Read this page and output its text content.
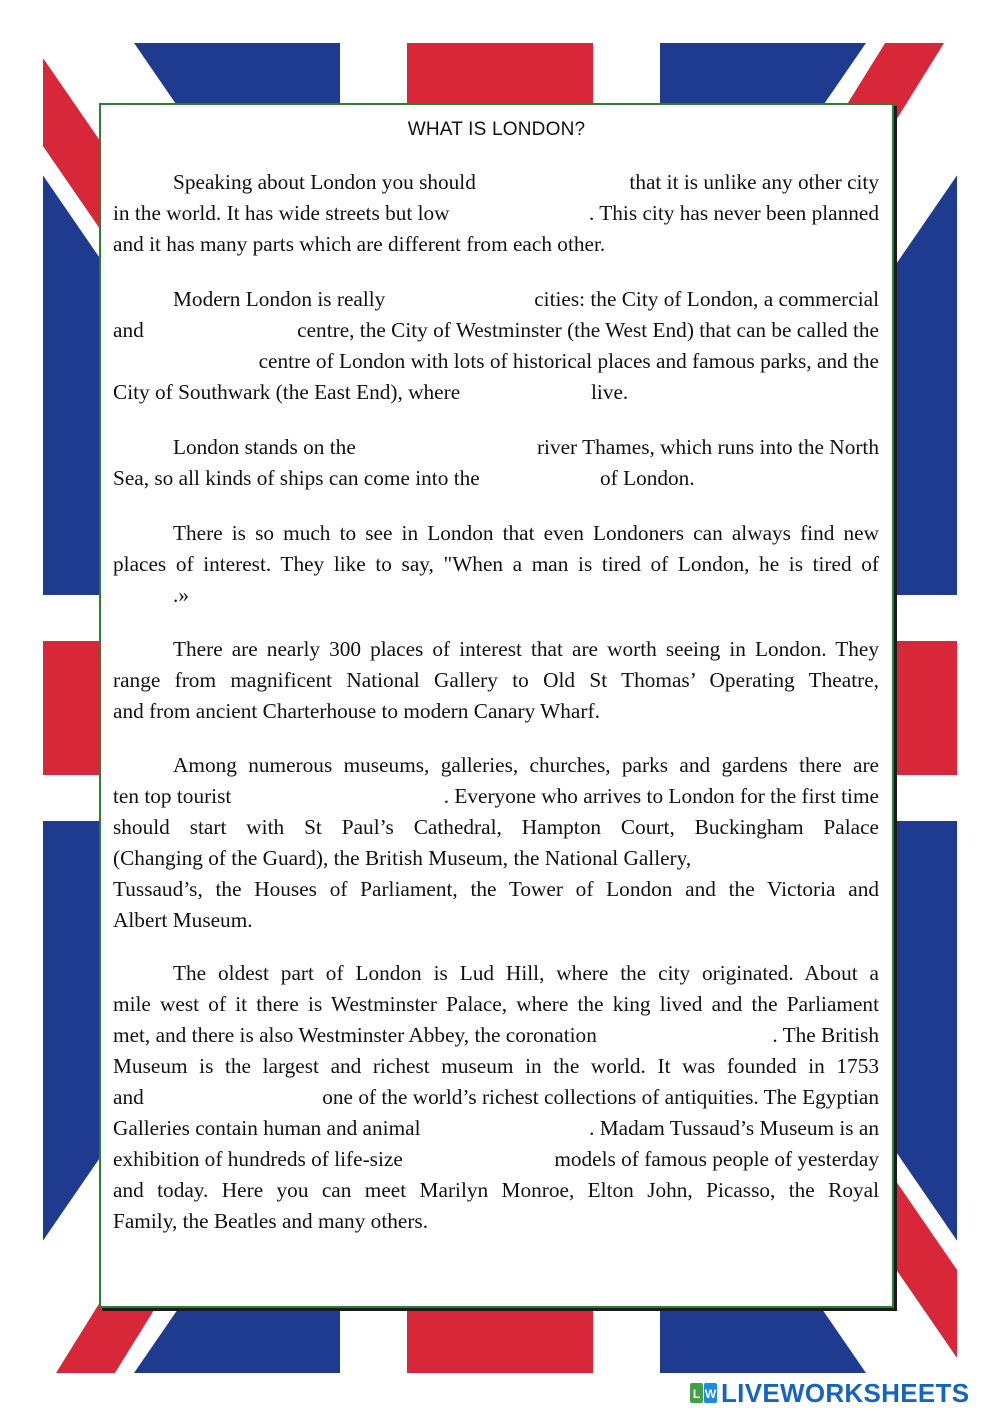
WHAT IS LONDON?
Speaking about London you should	that it is unlike any other city
in the world. It has wide streets but low	. This city has never been planned
and it has many parts which are different from each other.
Modern London is really	cities: the City of London, a commercial
and	centre, the City of Westminster (the West End) that can be called the
centre of London with lots of historical places and famous parks, and the
City of Southwark (the East End), where	live.
London stands on the	river Thames, which runs into the North
Sea, so all kinds of ships can come into the	of London.
There is so much to see in London that even Londoners can always find new
places of interest. They like to say, "When a man is tired of London, he is tired of
.»
There are nearly 300 places of interest that are worth seeing in London. They
range from magnificent National Gallery to Old St Thomas’ Operating Theatre,
and from ancient Charterhouse to modern Canary Wharf.
Among numerous museums, galleries, churches, parks and gardens there are
ten top tourist	. Everyone who arrives to London for the first time
should start with St Paul’s Cathedral, Hampton Court, Buckingham Palace
(Changing of the Guard), the British Museum, the National Gallery,
Tussaud’s, the Houses of Parliament, the Tower of London and the Victoria and
Albert Museum.
The oldest part of London is Lud Hill, where the city originated. About a
mile west of it there is Westminster Palace, where the king lived and the Parliament
met, and there is also Westminster Abbey, the coronation	. The British
Museum is the largest and richest museum in the world. It was founded in 1753
and	one of the world’s richest collections of antiquities. The Egyptian
Galleries contain human and animal	. Madam Tussaud’s Museum is an
exhibition of hundreds of life-size	models of famous people of yesterday
and today. Here you can meet Marilyn Monroe, Elton John, Picasso, the Royal
Family, the Beatles and many others.
L W LIVEWORKSHEETS
